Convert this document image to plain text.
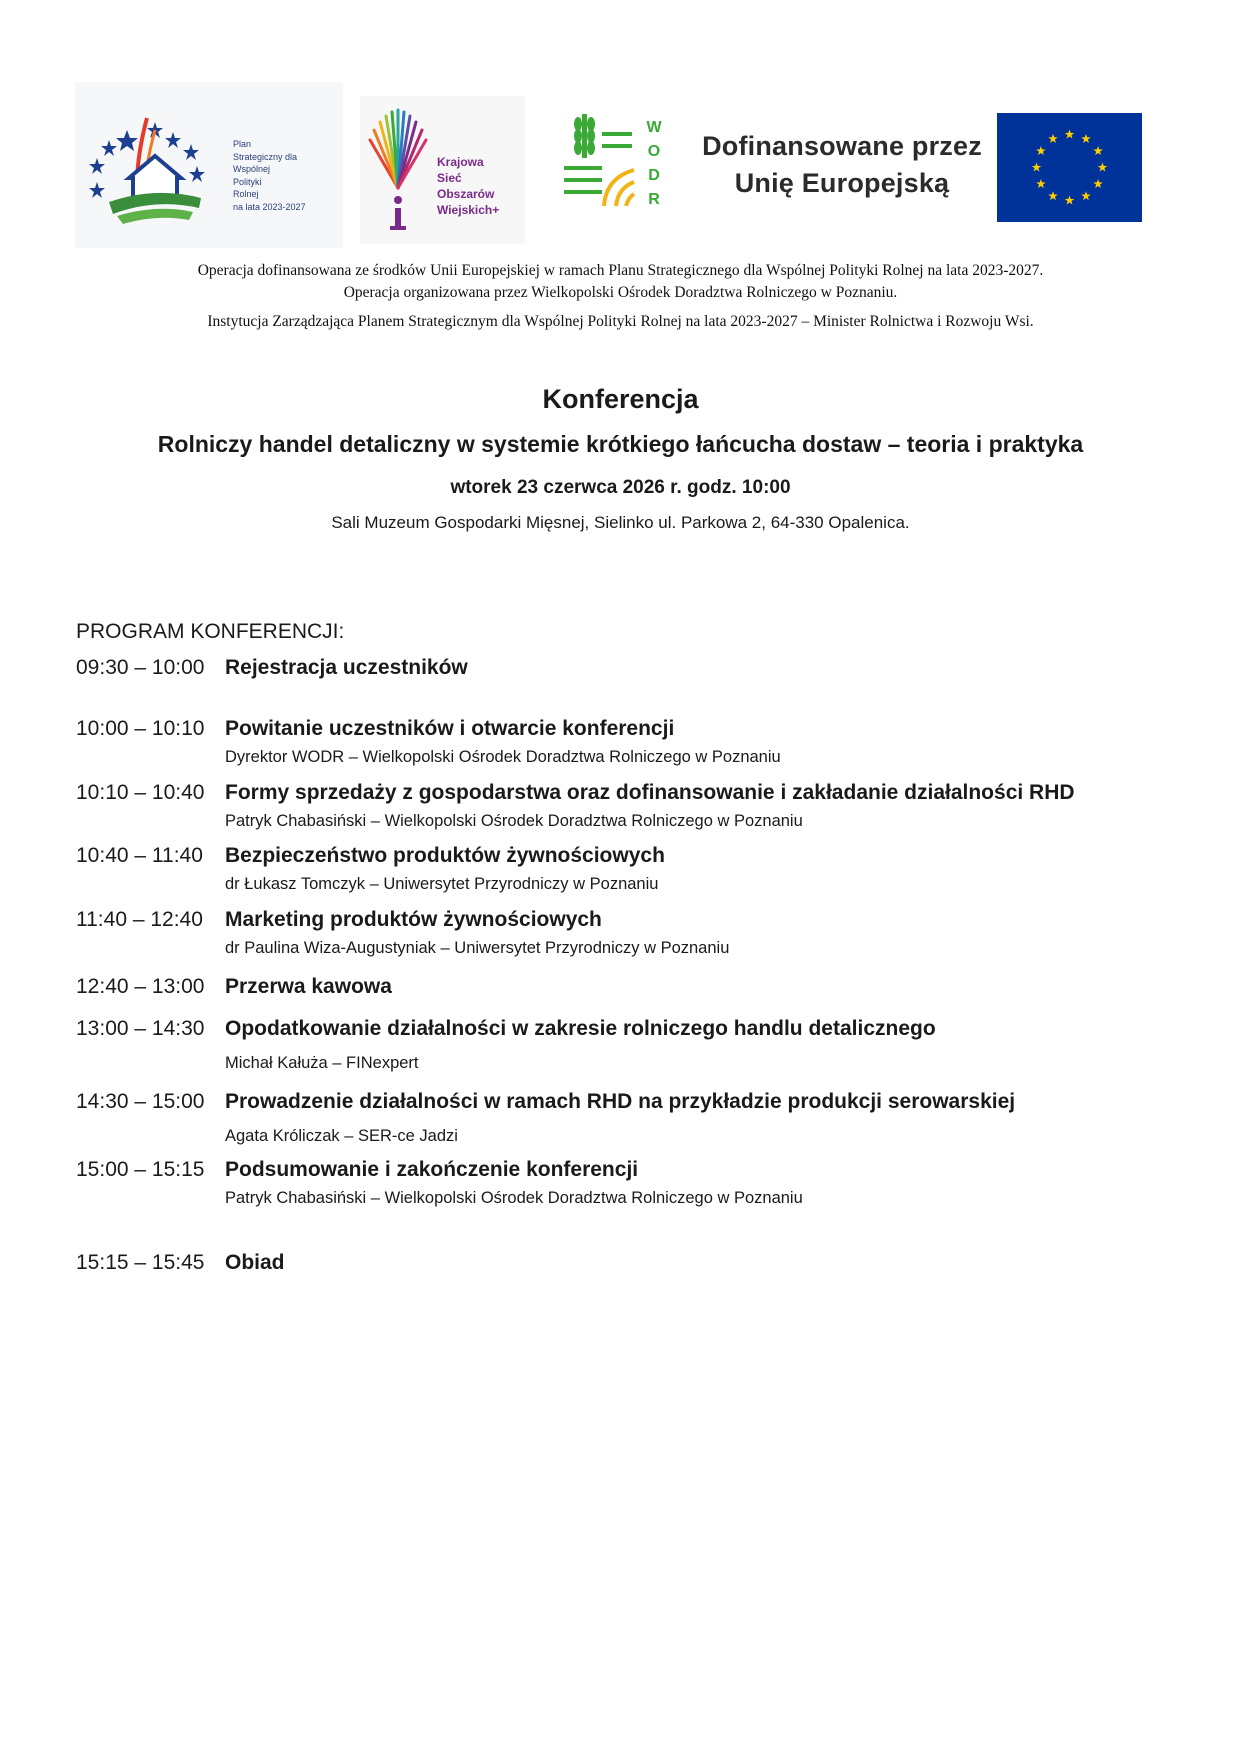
Plan
Strategiczny dla
Wspólnej
Polityki
Rolnej
na lata 2023-2027
Krajowa
Sieć
Obszarów
Wiejskich+
W
O
D
R
Dofinansowane przez
Unię Europejską
Operacja dofinansowana ze środków Unii Europejskiej w ramach Planu Strategicznego dla Wspólnej Polityki Rolnej na lata 2023-2027.
Operacja organizowana przez Wielkopolski Ośrodek Doradztwa Rolniczego w Poznaniu.
Instytucja Zarządzająca Planem Strategicznym dla Wspólnej Polityki Rolnej na lata 2023-2027 – Minister Rolnictwa i Rozwoju Wsi.
Konferencja
Rolniczy handel detaliczny w systemie krótkiego łańcucha dostaw – teoria i praktyka
wtorek 23 czerwca 2026 r. godz. 10:00
Sali Muzeum Gospodarki Mięsnej, Sielinko ul. Parkowa 2, 64-330 Opalenica.
PROGRAM KONFERENCJI:
09:30 – 10:00 Rejestracja uczestników
10:00 – 10:10 Powitanie uczestników i otwarcie konferencji
Dyrektor WODR – Wielkopolski Ośrodek Doradztwa Rolniczego w Poznaniu
10:10 – 10:40 Formy sprzedaży z gospodarstwa oraz dofinansowanie i zakładanie działalności RHD
Patryk Chabasiński – Wielkopolski Ośrodek Doradztwa Rolniczego w Poznaniu
10:40 – 11:40 Bezpieczeństwo produktów żywnościowych
dr Łukasz Tomczyk – Uniwersytet Przyrodniczy w Poznaniu
11:40 – 12:40 Marketing produktów żywnościowych
dr Paulina Wiza-Augustyniak – Uniwersytet Przyrodniczy w Poznaniu
12:40 – 13:00 Przerwa kawowa
13:00 – 14:30 Opodatkowanie działalności w zakresie rolniczego handlu detalicznego
Michał Kałuża – FINexpert
14:30 – 15:00 Prowadzenie działalności w ramach RHD na przykładzie produkcji serowarskiej
Agata Króliczak – SER-ce Jadzi
15:00 – 15:15 Podsumowanie i zakończenie konferencji
Patryk Chabasiński – Wielkopolski Ośrodek Doradztwa Rolniczego w Poznaniu
15:15 – 15:45 Obiad
